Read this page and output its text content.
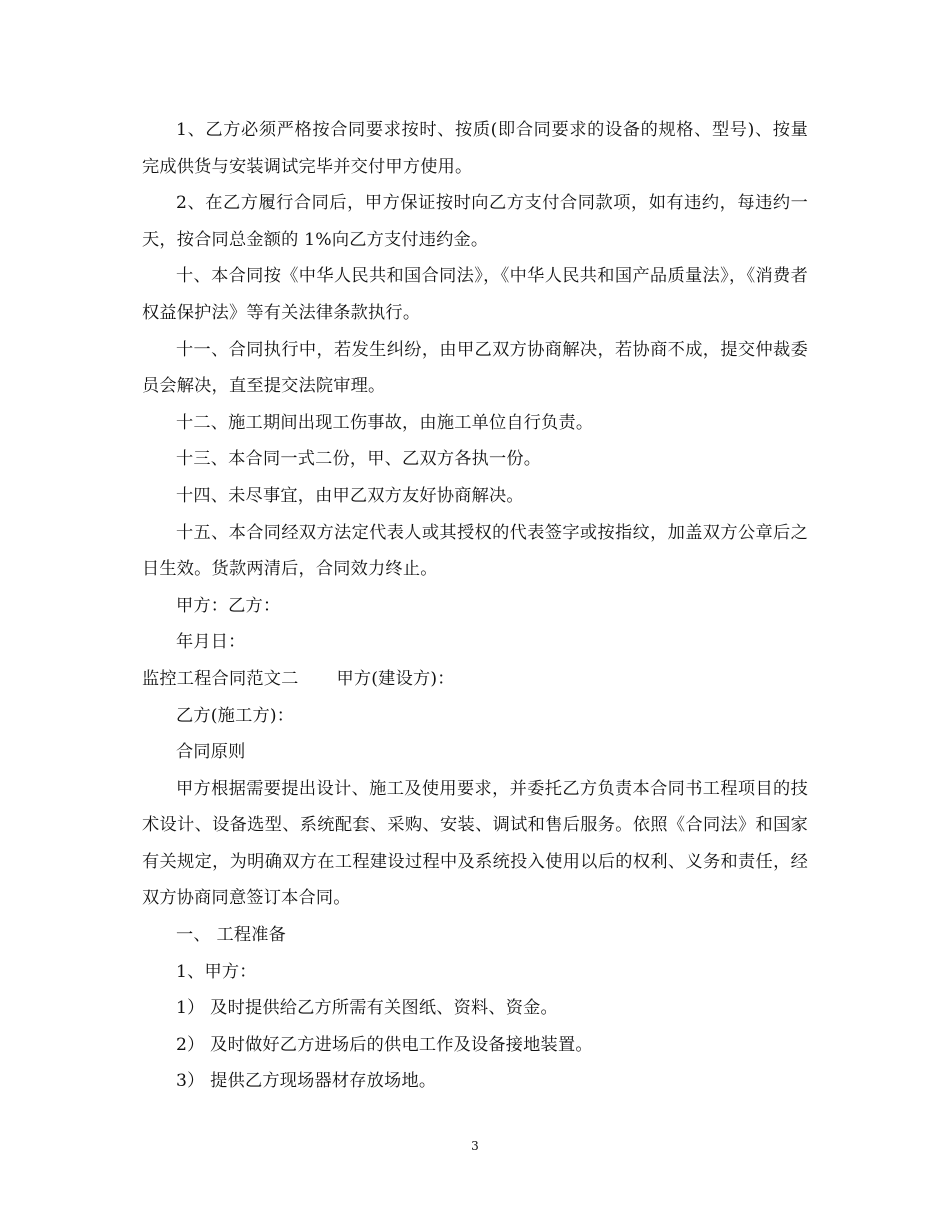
1、乙方必须严格按合同要求按时、按质(即合同要求的设备的规格、型号)、按量完成供货与安装调试完毕并交付甲方使用。

2、在乙方履行合同后，甲方保证按时向乙方支付合同款项，如有违约，每违约一天，按合同总金额的 1%向乙方支付违约金。

十、本合同按《中华人民共和国合同法》，《中华人民共和国产品质量法》，《消费者权益保护法》等有关法律条款执行。

十一、合同执行中，若发生纠纷，由甲乙双方协商解决，若协商不成，提交仲裁委员会解决，直至提交法院审理。

十二、施工期间出现工伤事故，由施工单位自行负责。

十三、本合同一式二份，甲、乙双方各执一份。

十四、未尽事宜，由甲乙双方友好协商解决。

十五、本合同经双方法定代表人或其授权的代表签字或按指纹，加盖双方公章后之日生效。货款两清后，合同效力终止。

甲方：乙方：

年月日：

监控工程合同范文二 甲方(建设方)：

乙方(施工方)：

合同原则

甲方根据需要提出设计、施工及使用要求，并委托乙方负责本合同书工程项目的技术设计、设备选型、系统配套、采购、安装、调试和售后服务。依照《合同法》和国家有关规定，为明确双方在工程建设过程中及系统投入使用以后的权利、义务和责任，经双方协商同意签订本合同。

一、 工程准备

1、甲方：

1） 及时提供给乙方所需有关图纸、资料、资金。

2） 及时做好乙方进场后的供电工作及设备接地装置。

3） 提供乙方现场器材存放场地。

3
